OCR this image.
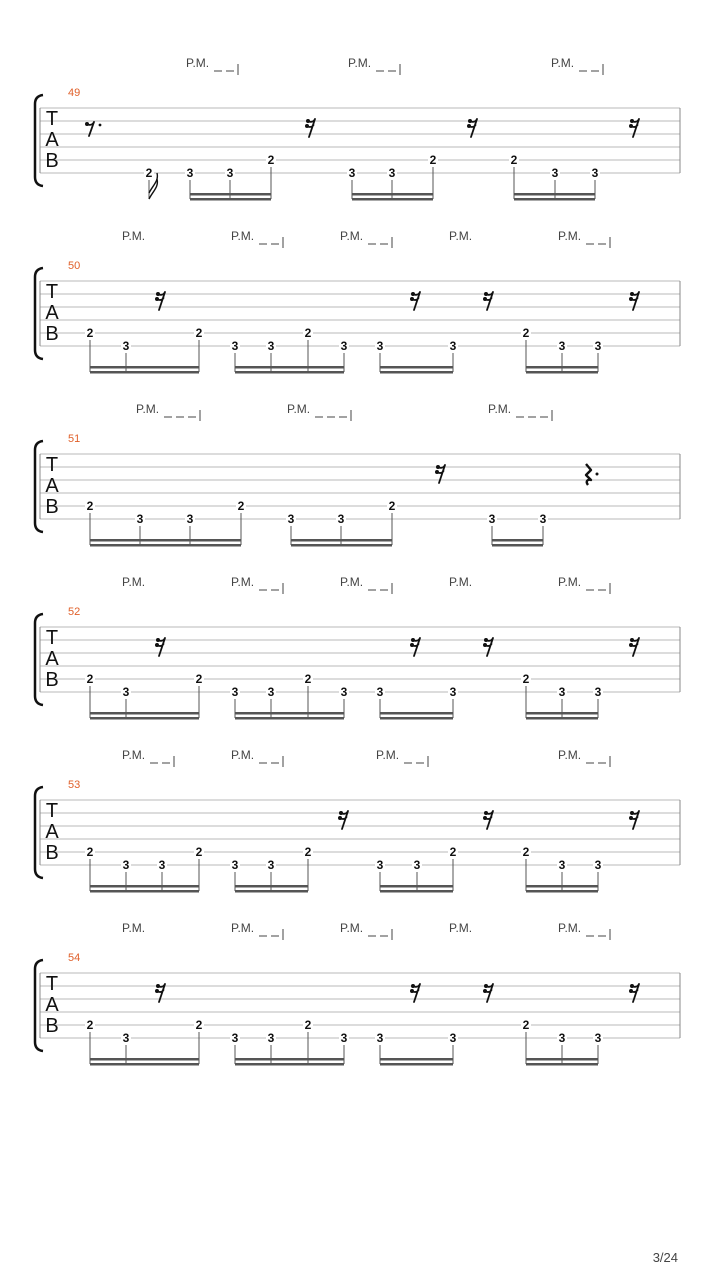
T
A
B
49
P.M.	P.M.	P.M.
2	3	3
2
3	3
2	2
3	3
T
A
B
50
P.M.	P.M.	P.M.	P.M.	P.M.
2
3
2
3 3
2
3 3	3
2
3 3
T
A
B
51
P.M.	P.M.	P.M.
2
3	3
2
3	3
2
3	3
T
A
B
52
P.M.	P.M.	P.M.	P.M.	P.M.
2
3
2
3 3
2
3 3	3
2
3 3
T
A
B
53
P.M.	P.M.	P.M.	P.M.
2
3 3
2
3 3
2
3	3
2	2
3 3
T
A
B
54
P.M.	P.M.	P.M.	P.M.	P.M.
2
3
2
3 3
2
3 3	3
2
3 3
3/24
